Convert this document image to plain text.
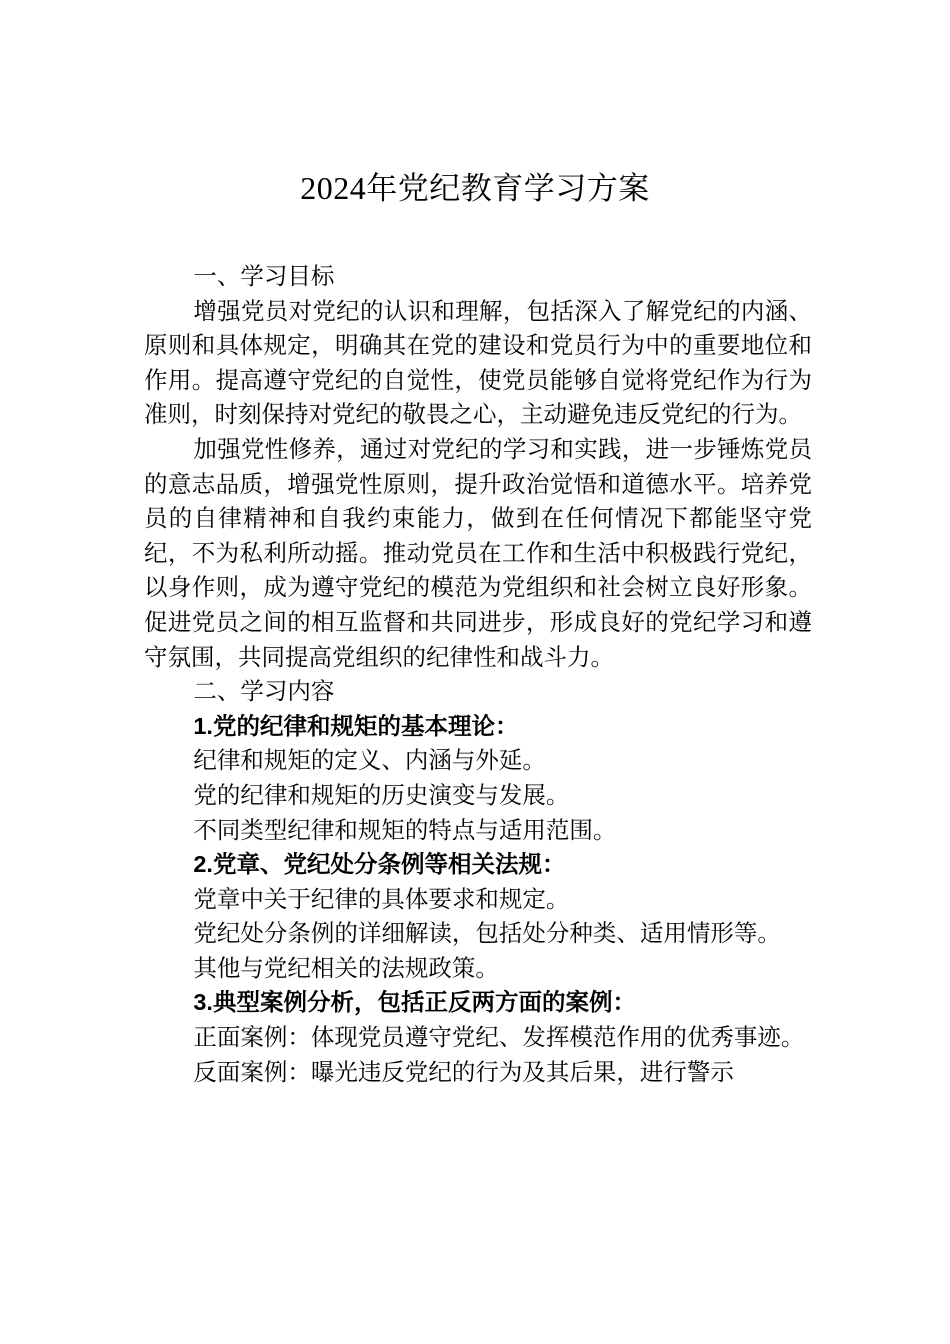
2024年党纪教育学习方案

一、学习目标

增强党员对党纪的认识和理解，包括深入了解党纪的内涵、原则和具体规定，明确其在党的建设和党员行为中的重要地位和作用。提高遵守党纪的自觉性，使党员能够自觉将党纪作为行为准则，时刻保持对党纪的敬畏之心，主动避免违反党纪的行为。

加强党性修养，通过对党纪的学习和实践，进一步锤炼党员的意志品质，增强党性原则，提升政治觉悟和道德水平。培养党员的自律精神和自我约束能力，做到在任何情况下都能坚守党纪，不为私利所动摇。推动党员在工作和生活中积极践行党纪，以身作则，成为遵守党纪的模范为党组织和社会树立良好形象。促进党员之间的相互监督和共同进步，形成良好的党纪学习和遵守氛围，共同提高党组织的纪律性和战斗力。

二、学习内容

1.党的纪律和规矩的基本理论：

纪律和规矩的定义、内涵与外延。

党的纪律和规矩的历史演变与发展。

不同类型纪律和规矩的特点与适用范围。

2.党章、党纪处分条例等相关法规：

党章中关于纪律的具体要求和规定。

党纪处分条例的详细解读，包括处分种类、适用情形等。

其他与党纪相关的法规政策。

3.典型案例分析，包括正反两方面的案例：

正面案例：体现党员遵守党纪、发挥模范作用的优秀事迹。

反面案例：曝光违反党纪的行为及其后果，进行警示
